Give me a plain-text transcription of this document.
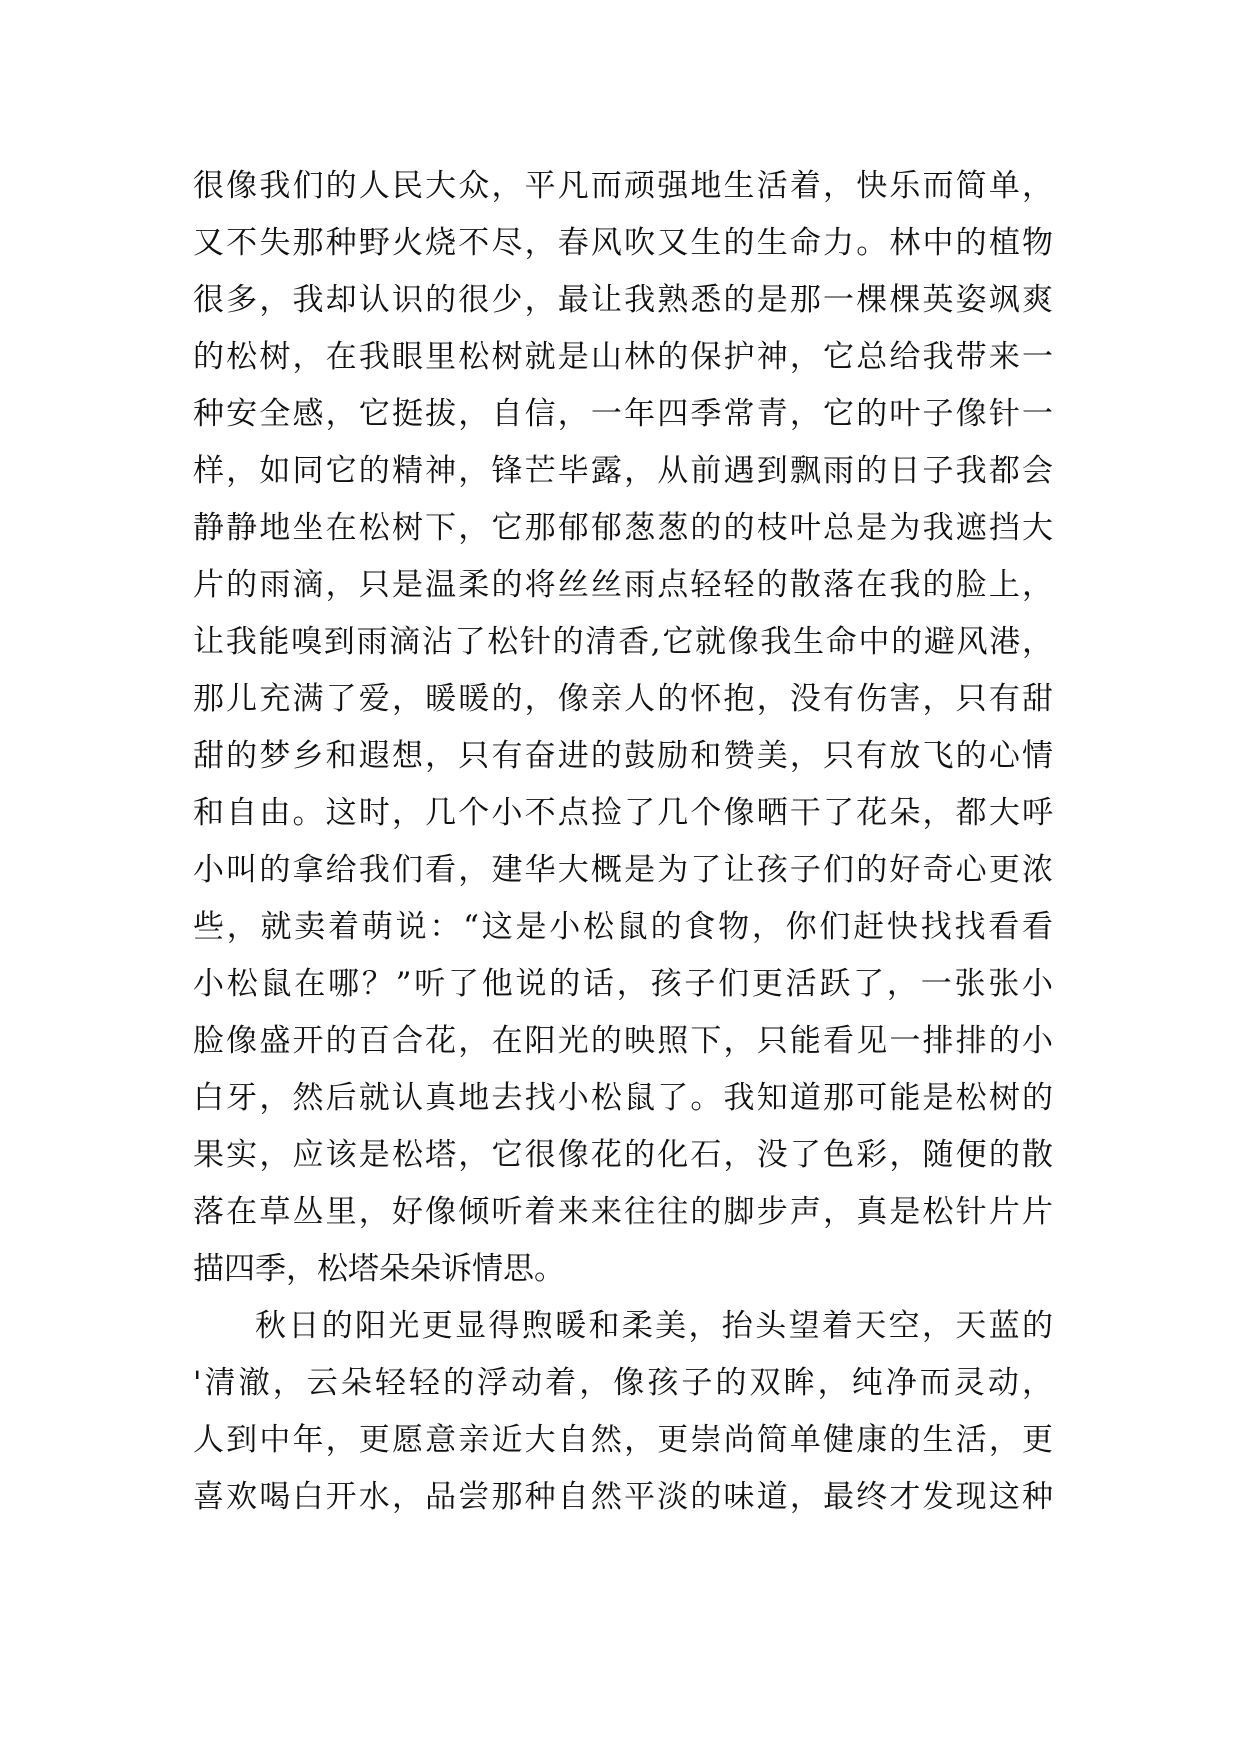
很像我们的人民大众，平凡而顽强地生活着，快乐而简单，
又不失那种野火烧不尽，春风吹又生的生命力。林中的植物
很多，我却认识的很少，最让我熟悉的是那一棵棵英姿飒爽
的松树，在我眼里松树就是山林的保护神，它总给我带来一
种安全感，它挺拔，自信，一年四季常青，它的叶子像针一
样，如同它的精神，锋芒毕露，从前遇到飘雨的日子我都会
静静地坐在松树下，它那郁郁葱葱的的枝叶总是为我遮挡大
片的雨滴，只是温柔的将丝丝雨点轻轻的散落在我的脸上，
让我能嗅到雨滴沾了松针的清香,它就像我生命中的避风港，
那儿充满了爱，暖暖的，像亲人的怀抱，没有伤害，只有甜
甜的梦乡和遐想，只有奋进的鼓励和赞美，只有放飞的心情
和自由。这时，几个小不点捡了几个像晒干了花朵，都大呼
小叫的拿给我们看，建华大概是为了让孩子们的好奇心更浓
些，就卖着萌说：“这是小松鼠的食物，你们赶快找找看看
小松鼠在哪？”听了他说的话，孩子们更活跃了，一张张小
脸像盛开的百合花，在阳光的映照下，只能看见一排排的小
白牙，然后就认真地去找小松鼠了。我知道那可能是松树的
果实，应该是松塔，它很像花的化石，没了色彩，随便的散
落在草丛里，好像倾听着来来往往的脚步声，真是松针片片
描四季，松塔朵朵诉情思。
秋日的阳光更显得煦暖和柔美，抬头望着天空，天蓝的
'清澈，云朵轻轻的浮动着，像孩子的双眸，纯净而灵动，
人到中年，更愿意亲近大自然，更崇尚简单健康的生活，更
喜欢喝白开水，品尝那种自然平淡的味道，最终才发现这种
